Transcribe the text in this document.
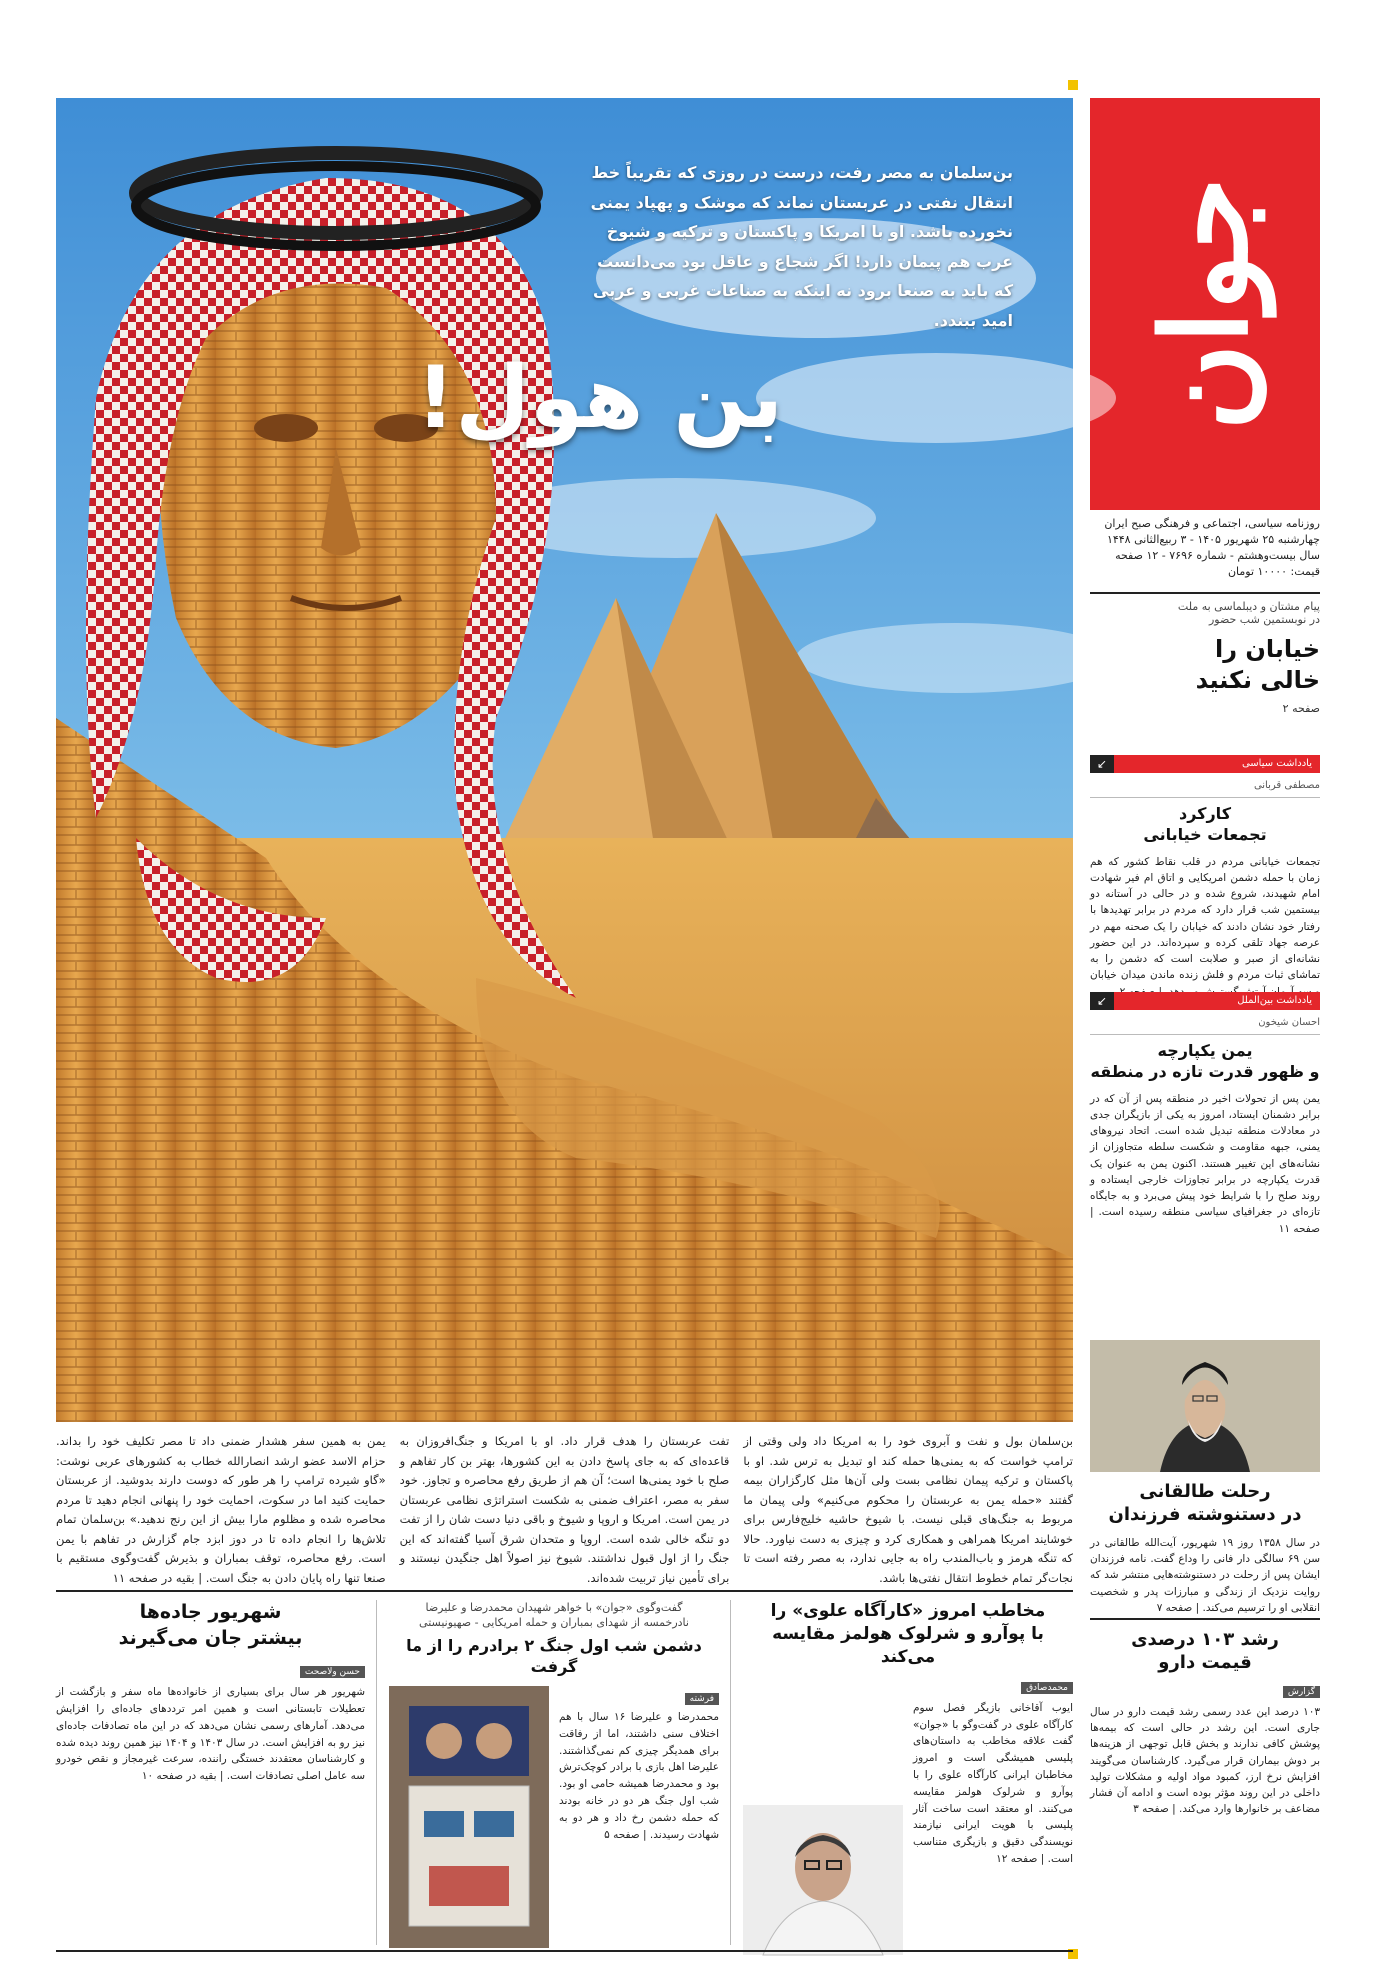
جوان
روزنامه سیاسی، اجتماعی و فرهنگی صبح ایران
چهارشنبه ۲۵ شهریور ۱۴۰۵ - ۳ ربیع‌الثانی ۱۴۴۸
سال بیست‌و‌هشتم - شماره ۷۶۹۶ - ۱۲ صفحه
قیمت: ۱۰۰۰۰ تومان
پیام مشتان و دیبلماسی به ملت
در نوبستمین شب حضور
خیابان را خالی نکنید
صفحه ۲
یادداشت سیاسی
↙
مصطفی قربانی
کارکرد
تجمعات خیابانی
تجمعات خیابانی مردم در قلب نقاط کشور که هم زمان با حمله دشمن امریکایی و اتاق ام فیر شهادت امام شهیدند، شروع شده و در حالی در آستانه دو بیستمین شب قرار دارد که مردم در برابر تهدیدها با رفتار خود نشان دادند که خیابان را یک صحنه مهم در عرصه جهاد تلقی کرده و سپرده‌اند. در این حضور نشانه‌ای از صبر و صلابت است که دشمن را به تماشای ثبات مردم و فلش زنده ماندن میدان خیابان
یادداشت بین‌الملل
↙
احسان شیخون
یمن یکپارچه
و ظهور قدرت تازه در منطقه
یمن پس از تحولات اخیر در منطقه پس از آن که در برابر دشمنان ایستاد، امروز به یکی از بازیگران جدی در معادلات منطقه تبدیل شده است. اتحاد نیروهای یمنی، جبهه مقاومت و شکست سلطه متجاوزان از نشانه‌های این تغییر هستند. اکنون یمن به عنوان یک قدرت یکپارچه در برابر تجاوزات خارجی ایستاده و روند صلح را با شرایط خود پیش می‌برد و به جایگاه تازه‌ای در جغرافیای سیاسی منطقه رسیده است. | صفحه ۱۱
رحلت طالقانی
در دستنوشته فرزندان
در سال ۱۳۵۸ روز ۱۹ شهریور، آیت‌الله طالقانی در سن ۶۹ سالگی دار فانی را وداع گفت. نامه فرزندان ایشان پس از رحلت در دستنوشته‌هایی منتشر شد که روایت نزدیک از زندگی و مبارزات پدر و شخصیت انقلابی او را ترسیم می‌کند. | صفحه ۷
رشد ۱۰۳ درصدی
قیمت دارو
گزارش
۱۰۳ درصد این عدد رسمی رشد قیمت دارو در سال جاری است. این رشد در حالی است که بیمه‌ها پوشش کافی ندارند و بخش قابل توجهی از هزینه‌ها بر دوش بیماران قرار می‌گیرد. کارشناسان می‌گویند افزایش نرخ ارز، کمبود مواد اولیه و مشکلات تولید داخلی در این روند مؤثر بوده است و ادامه آن فشار مضاعف بر خانوارها وارد می‌کند. | صفحه ۳
بن‌سلمان به مصر رفت، درست در روزی که تقریباً خط انتقال نفتی در عربستان نماند که موشک و پهپاد یمنی نخورده باشد. او با امریکا و پاکستان و ترکیه و شیوخ عرب هم پیمان دارد! اگر شجاع و عاقل بود می‌دانست که باید به صنعا برود نه اینکه به صناعات غربی و عربی امید ببندد.
بن هول!
بن‌سلمان بول و نفت و آبروی خود را به امریکا داد ولی وقتی از ترامپ خواست که به یمنی‌ها حمله کند او تبدیل به ترس شد. او با پاکستان و ترکیه پیمان نظامی بست ولی آن‌ها مثل کارگزاران بیمه گفتند «حمله یمن به عربستان را محکوم می‌کنیم» ولی پیمان ما مربوط به جنگ‌های قبلی نیست. با شیوخ حاشیه خلیج‌فارس برای خوشایند امریکا همراهی و همکاری کرد و چیزی به دست نیاورد. حالا که تنگه هرمز و باب‌المندب راه به جایی ندارد، به مصر رفته است تا نجات‌گر تمام خطوط انتقال نفتی‌ها باشد.
تفت عربستان را هدف قرار داد. او با امریکا و جنگ‌افروزان به قاعده‌ای که به جای پاسخ دادن به این کشورها، بهتر بن کار تفاهم و صلح با خود یمنی‌ها است؛ آن هم از طریق رفع محاصره و تجاوز. خود سفر به مصر، اعتراف ضمنی به شکست استراتژی نظامی عربستان در یمن است. امریکا و اروپا و شیوخ و باقی دنیا دست شان را از تفت دو تنگه خالی شده است. اروپا و متحدان شرق آسیا گفته‌اند که این جنگ را از اول قبول نداشتند. شیوخ نیز اصولاً اهل جنگیدن نیستند و برای تأمین نیاز تربیت شده‌اند.
یمن به همین سفر هشدار ضمنی داد تا مصر تکلیف خود را بداند. حزام الاسد عضو ارشد انصارالله خطاب به کشورهای عربی نوشت: «گاو شیرده ترامپ را هر طور که دوست دارند بدوشید. از عربستان حمایت کنید اما در سکوت، احمایت خود را پنهانی انجام دهید تا مردم محاصره شده و مظلوم مارا بیش از این رنج ندهید.» بن‌سلمان تمام تلاش‌ها را انجام داده تا در دوز ابزد جام گزارش در تفاهم با یمن است. رفع محاصره، توقف بمباران و بذیرش گفت‌وگوی مستقیم با صنعا تنها راه پایان دادن به جنگ است. | بقیه در صفحه ۱۱
مخاطب امروز «کارآگاه علوی» را
با پوآرو و شرلوک هولمز مقایسه می‌کند
محمدصادق
ایوب آقاخانی بازیگر فصل سوم کارآگاه علوی در گفت‌وگو با «جوان» گفت علاقه مخاطب به داستان‌های پلیسی همیشگی است و امروز مخاطبان ایرانی کارآگاه علوی را با پوآرو و شرلوک هولمز مقایسه می‌کنند. او معتقد است ساخت آثار پلیسی با هویت ایرانی نیازمند نویسندگی دقیق و بازیگری متناسب است. | صفحه ۱۲
گفت‌وگوی «جوان» با خواهر شهیدان محمدرضا و علیرضا
نادرخمسه از شهدای بمباران و حمله امریکایی - صهیونیستی
دشمن شب اول جنگ ۲ برادرم را از ما گرفت
فرشته
محمدرضا و علیرضا ۱۶ سال با هم اختلاف سنی داشتند، اما از رفاقت برای همدیگر چیزی کم نمی‌گذاشتند. علیرضا اهل بازی با برادر کوچک‌ترش بود و محمدرضا همیشه حامی او بود. شب اول جنگ هر دو در خانه بودند که حمله دشمن رخ داد و هر دو به شهادت رسیدند. | صفحه ۵
شهریور جاده‌ها
بیشتر جان می‌گیرند
حسن ولاصحت
شهریور هر سال برای بسیاری از خانواده‌ها ماه سفر و بازگشت از تعطیلات تابستانی است و همین امر ترددهای جاده‌ای را افزایش می‌دهد. آمارهای رسمی نشان می‌دهد که در این ماه تصادفات جاده‌ای نیز رو به افزایش است. در سال ۱۴۰۳ و ۱۴۰۴ نیز همین روند دیده شده و کارشناسان معتقدند خستگی راننده، سرعت غیرمجاز و نقص خودرو سه عامل اصلی تصادفات است. | بقیه در صفحه ۱۰
